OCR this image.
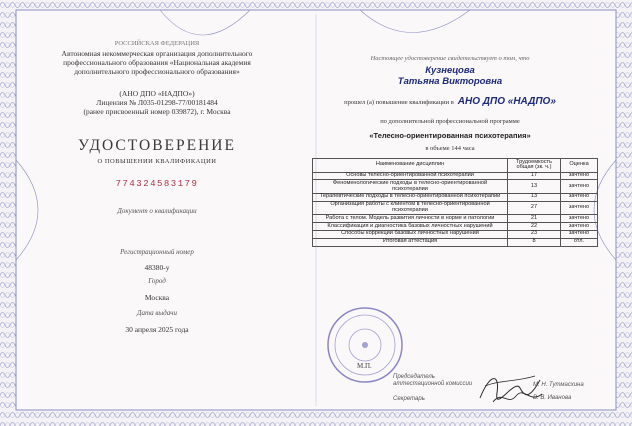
РОССИЙСКАЯ ФЕДЕРАЦИЯ
Автономная некоммерческая организация дополнительного
профессионального образования «Национальная академия
дополнительного профессионального образования»
(АНО ДПО «НАДПО»)
Лицензия № Л035-01298-77/00181484
(ранее присвоенный номер 039872), г. Москва
УДОСТОВЕРЕНИЕ
О ПОВЫШЕНИИ КВАЛИФИКАЦИИ
774324583179
Документ о квалификации
Регистрационный номер
48380-у
Город
Москва
Дата выдачи
30 апреля 2025 года
Настоящее удостоверение свидетельствует о том, что
Кузнецова
Татьяна Викторовна
прошел (а) повышение квалификации в АНО ДПО «НАДПО»
по дополнительной профессиональной программе
«Телесно-ориентированная психотерапия»
в объеме 144 часа
Наименование дисциплин	Трудоемкость общая (зк. ч.)	Оценка
Основы телесно-ориентированной психотерапии	17	зачтено
Феноменологические подходы в телесно-ориентированной психотерапии	13	зачтено
Терапевтические подходы в телесно-ориентированной психотерапии	13	зачтено
Организация работы с клиентом в телесно-ориентированной психотерапии	27	зачтено
Работа с телом. Модель развития личности в норме и патологии	21	зачтено
Классификация и диагностика базовых личностных нарушений	22	зачтено
Способы коррекции базовых личностных нарушений	23	зачтено
Итоговая аттестация	8	отл.
М.П.
Председатель аттестационной комиссии	М. Н. Тутмасхина
Секретарь	В. В. Иванова
